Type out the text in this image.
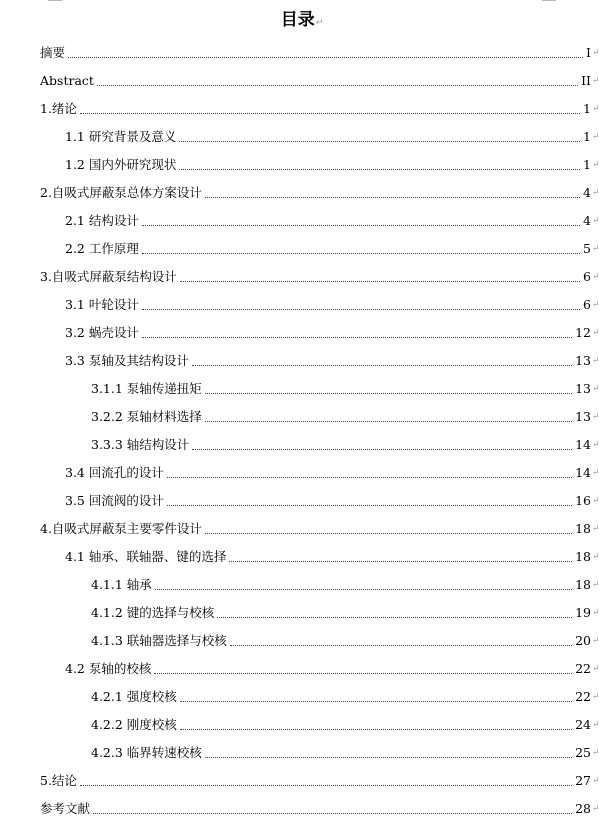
目录↵
摘要	I ↵
Abstract	II ↵
1.绪论	1 ↵
1.1 研究背景及意义	1 ↵
1.2 国内外研究现状	1 ↵
2.自吸式屏蔽泵总体方案设计	4 ↵
2.1 结构设计	4 ↵
2.2 工作原理	5 ↵
3.自吸式屏蔽泵结构设计	6 ↵
3.1 叶轮设计	6 ↵
3.2 蜗壳设计	12 ↵
3.3 泵轴及其结构设计	13 ↵
3.1.1 泵轴传递扭矩	13 ↵
3.2.2 泵轴材料选择	13 ↵
3.3.3 轴结构设计	14 ↵
3.4 回流孔的设计	14 ↵
3.5 回流阀的设计	16 ↵
4.自吸式屏蔽泵主要零件设计	18 ↵
4.1 轴承、联轴器、键的选择	18 ↵
4.1.1 轴承	18 ↵
4.1.2 键的选择与校核	19 ↵
4.1.3 联轴器选择与校核	20 ↵
4.2 泵轴的校核	22 ↵
4.2.1 强度校核	22 ↵
4.2.2 刚度校核	24 ↵
4.2.3 临界转速校核	25 ↵
5.结论	27 ↵
参考文献	28 ↵
